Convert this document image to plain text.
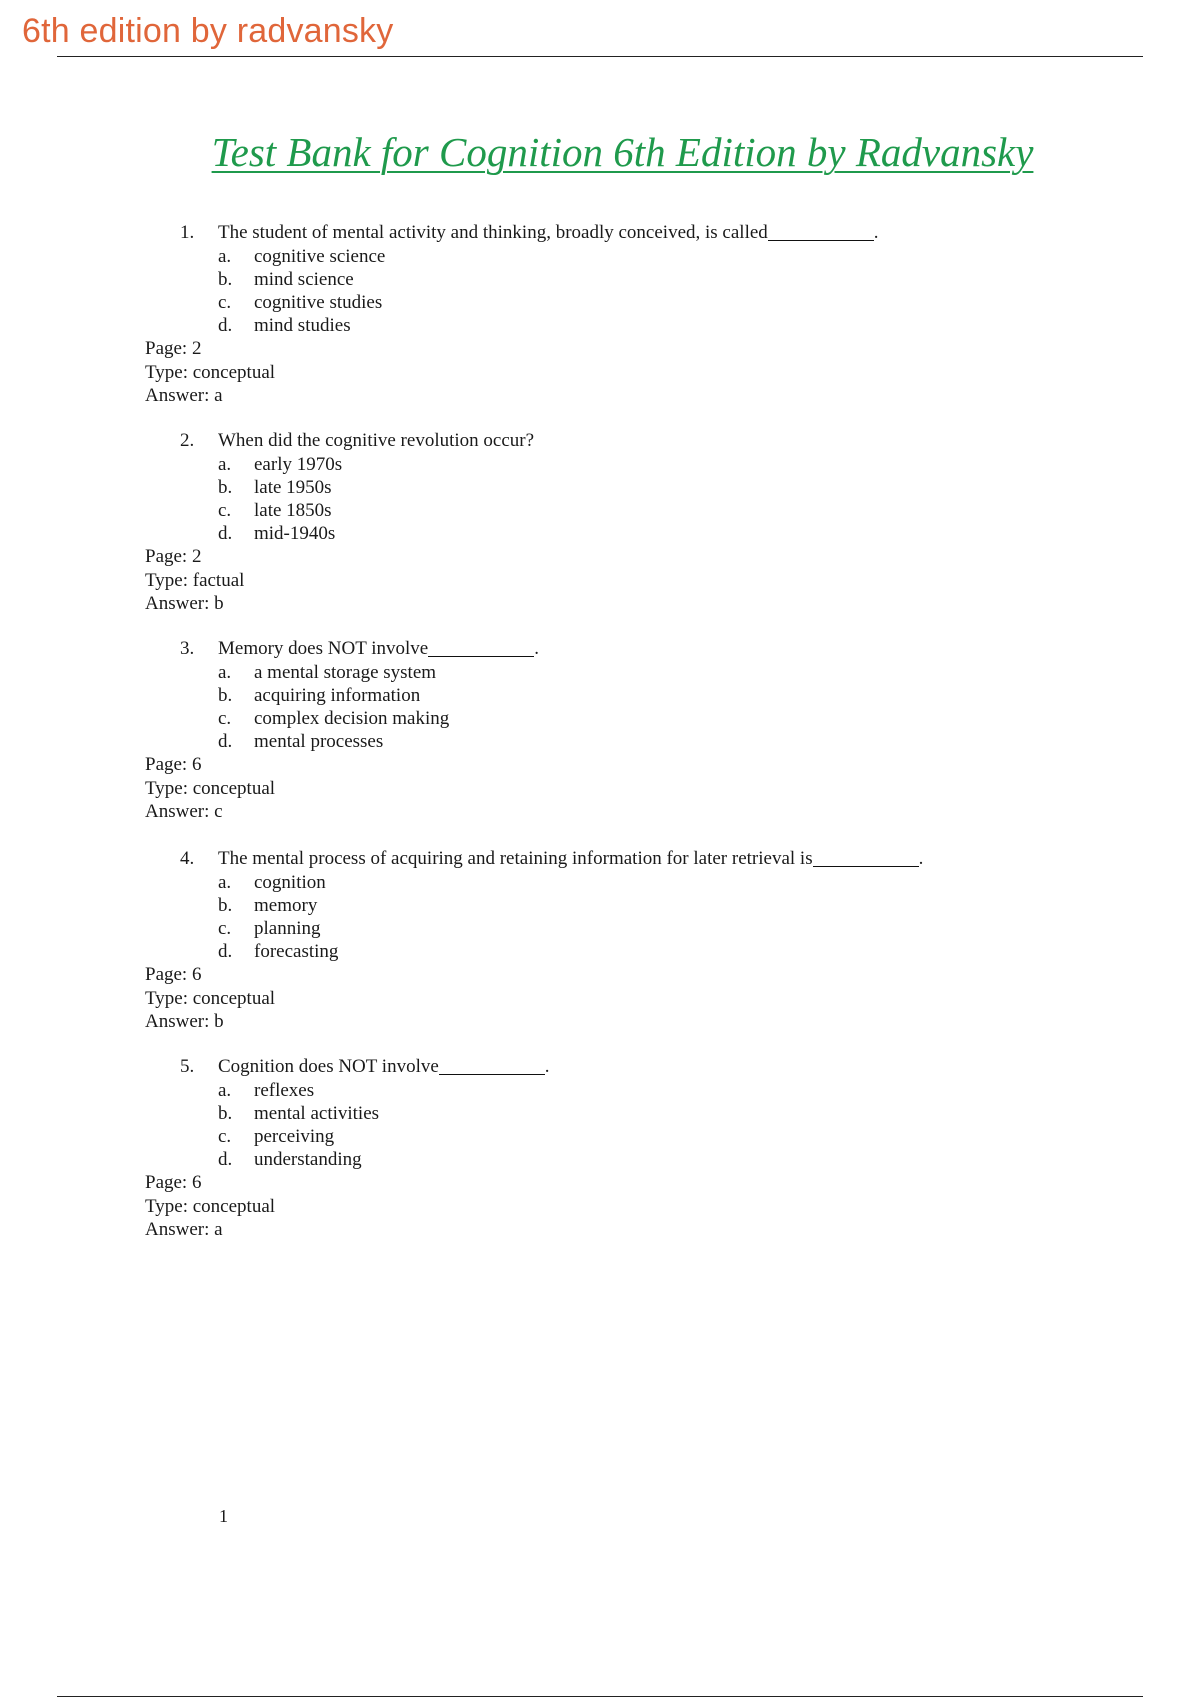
6th edition by radvansky
Test Bank for Cognition 6th Edition by Radvansky
1.	The student of mental activity and thinking, broadly conceived, is called	.
a. cognitive science
b. mind science
c. cognitive studies
d. mind studies
Page: 2
Type: conceptual
Answer: a
2.	When did the cognitive revolution occur?
a. early 1970s
b. late 1950s
c. late 1850s
d. mid-1940s
Page: 2
Type: factual
Answer: b
3.	Memory does NOT involve	.
a. a mental storage system
b. acquiring information
c. complex decision making
d. mental processes
Page: 6
Type: conceptual
Answer: c
4.	The mental process of acquiring and retaining information for later retrieval is	.
a. cognition
b. memory
c. planning
d. forecasting
Page: 6
Type: conceptual
Answer: b
5.	Cognition does NOT involve	.
a. reflexes
b. mental activities
c. perceiving
d. understanding
Page: 6
Type: conceptual
Answer: a
1
